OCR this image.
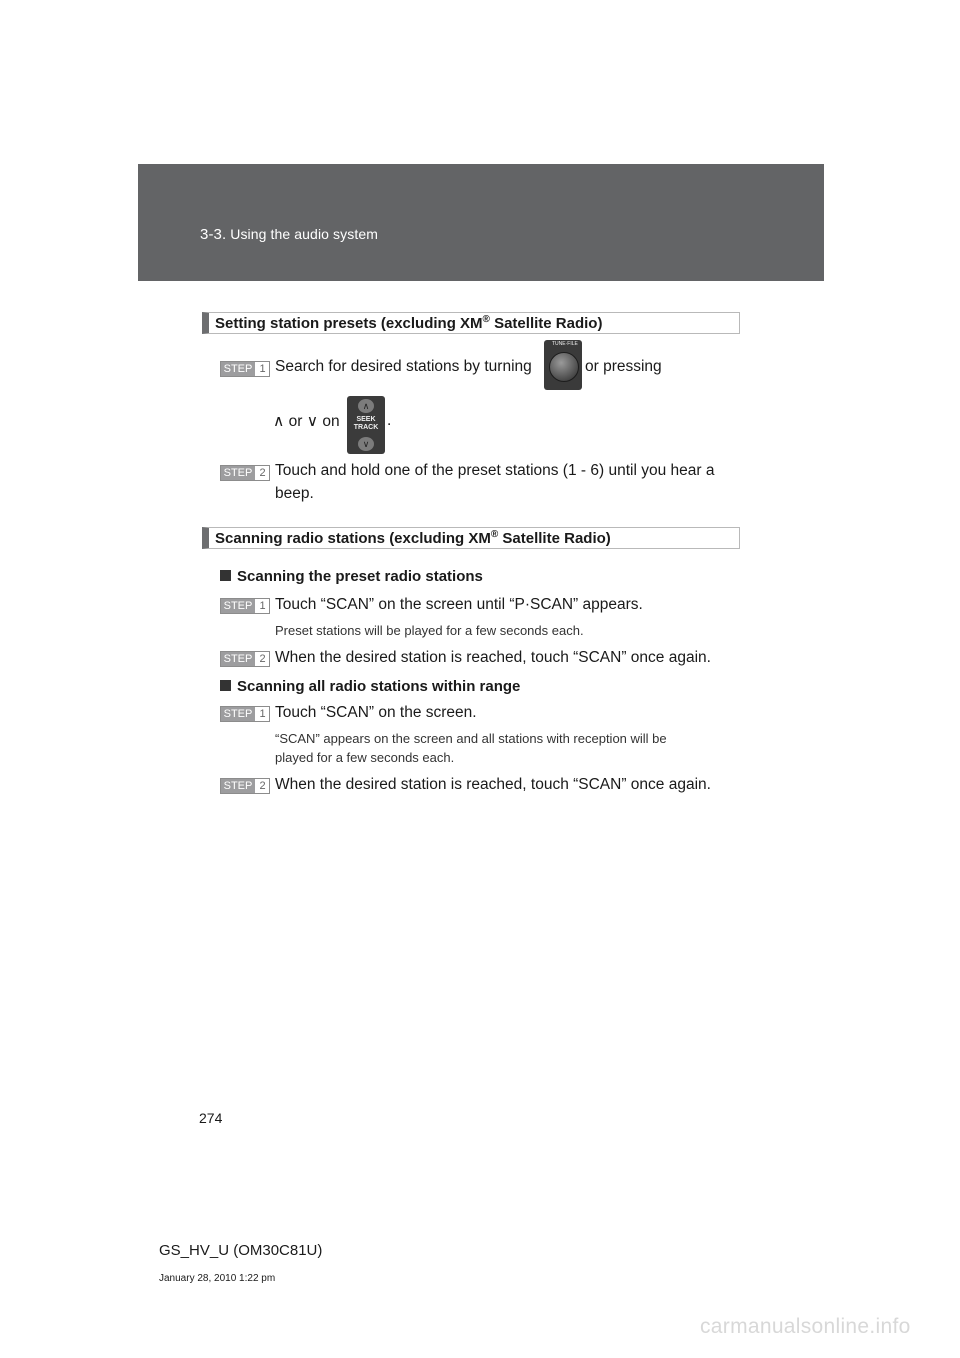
3-3. Using the audio system
Setting station presets (excluding XM® Satellite Radio)
STEP 1 Search for desired stations by turning
TUNE·FILE
or pressing
∧ or ∨ on
∧
SEEK
TRACK
∨
.
STEP 2 Touch and hold one of the preset stations (1 - 6) until you hear a
beep.
Scanning radio stations (excluding XM® Satellite Radio)
Scanning the preset radio stations
STEP 1 Touch “SCAN” on the screen until “P·SCAN” appears.
Preset stations will be played for a few seconds each.
STEP 2 When the desired station is reached, touch “SCAN” once again.
Scanning all radio stations within range
STEP 1 Touch “SCAN” on the screen.
“SCAN” appears on the screen and all stations with reception will be
played for a few seconds each.
STEP 2 When the desired station is reached, touch “SCAN” once again.
274
GS_HV_U (OM30C81U)
January 28, 2010 1:22 pm
carmanualsonline.info
